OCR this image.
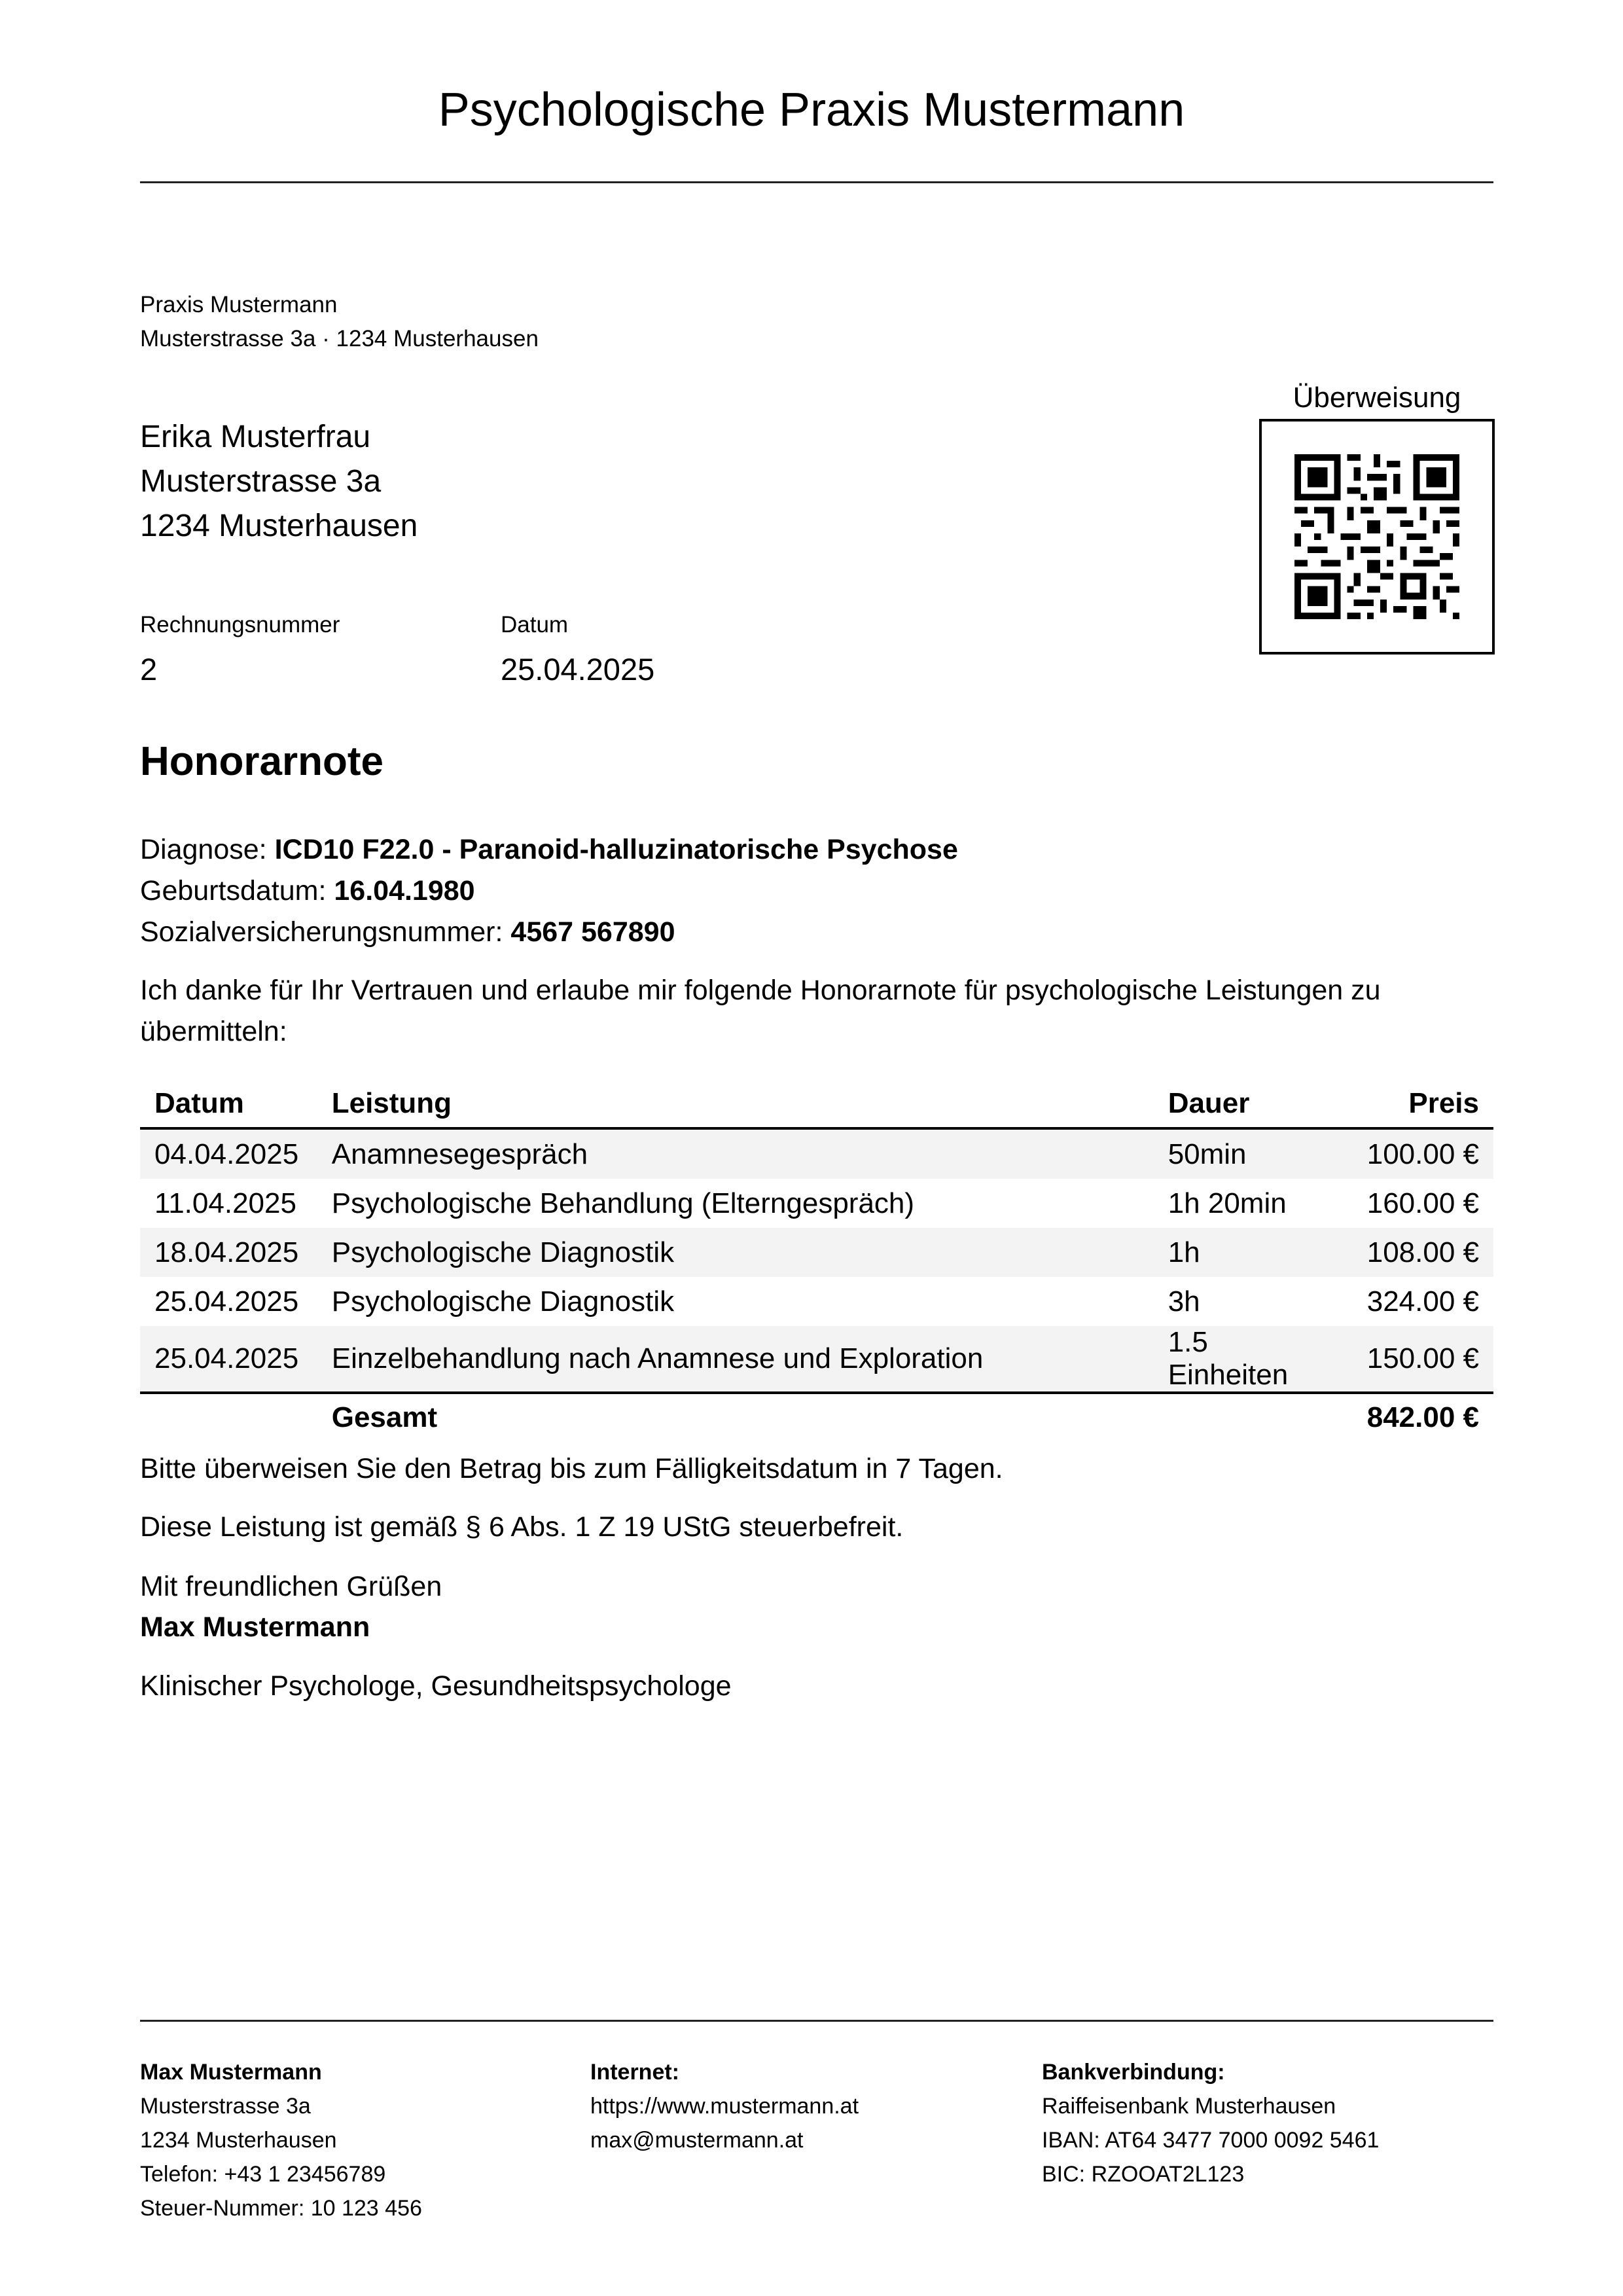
Psychologische Praxis Mustermann
Praxis Mustermann
Musterstrasse 3a · 1234 Musterhausen
Überweisung
Erika Musterfrau
Musterstrasse 3a
1234 Musterhausen
Rechnungsnummer
2
Datum
25.04.2025
Honorarnote
Diagnose: ICD10 F22.0 - Paranoid-halluzinatorische Psychose
Geburtsdatum: 16.04.1980
Sozialversicherungsnummer: 4567 567890
Ich danke für Ihr Vertrauen und erlaube mir folgende Honorarnote für psychologische Leistungen zu übermitteln:
Datum	Leistung	Dauer	Preis
04.04.2025	Anamnesegespräch	50min	100.00 €
11.04.2025	Psychologische Behandlung (Elterngespräch)	1h 20min	160.00 €
18.04.2025	Psychologische Diagnostik	1h	108.00 €
25.04.2025	Psychologische Diagnostik	3h	324.00 €
25.04.2025	Einzelbehandlung nach Anamnese und Exploration	1.5 Einheiten	150.00 €
	Gesamt		842.00 €
Bitte überweisen Sie den Betrag bis zum Fälligkeitsdatum in 7 Tagen.
Diese Leistung ist gemäß § 6 Abs. 1 Z 19 UStG steuerbefreit.
Mit freundlichen Grüßen
Max Mustermann
Klinischer Psychologe, Gesundheitspsychologe
Max Mustermann
Musterstrasse 3a
1234 Musterhausen
Telefon: +43 1 23456789
Steuer-Nummer: 10 123 456
Internet:
https://www.mustermann.at
max@mustermann.at
Bankverbindung:
Raiffeisenbank Musterhausen
IBAN: AT64 3477 7000 0092 5461
BIC: RZOOAT2L123
